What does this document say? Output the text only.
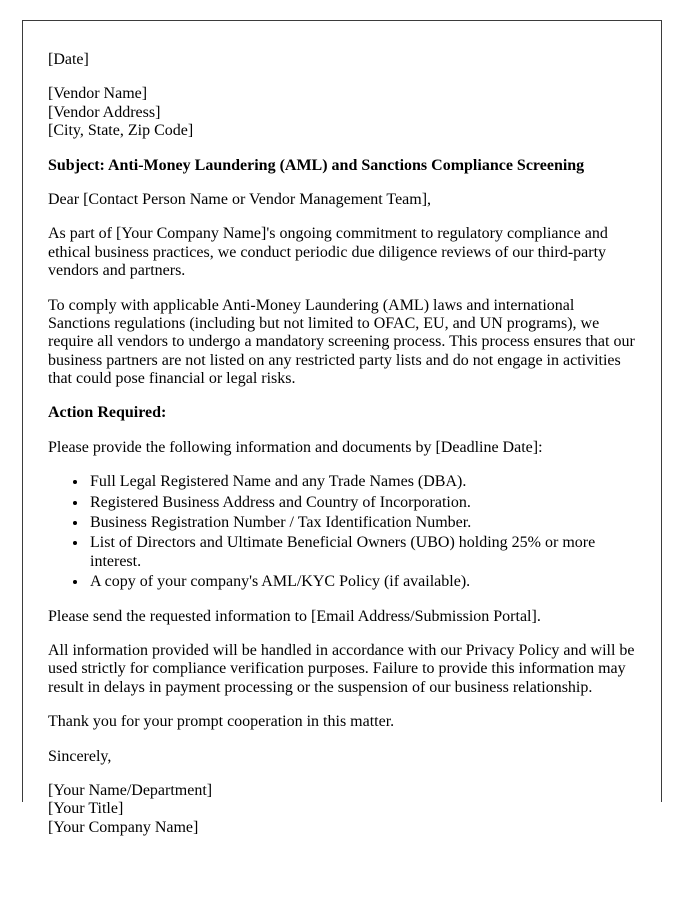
[Date]

[Vendor Name]
[Vendor Address]
[City, State, Zip Code]

Subject: Anti-Money Laundering (AML) and Sanctions Compliance Screening

Dear [Contact Person Name or Vendor Management Team],

As part of [Your Company Name]'s ongoing commitment to regulatory compliance and ethical business practices, we conduct periodic due diligence reviews of our third-party vendors and partners.

To comply with applicable Anti-Money Laundering (AML) laws and international Sanctions regulations (including but not limited to OFAC, EU, and UN programs), we require all vendors to undergo a mandatory screening process. This process ensures that our business partners are not listed on any restricted party lists and do not engage in activities that could pose financial or legal risks.

Action Required:

Please provide the following information and documents by [Deadline Date]:

• Full Legal Registered Name and any Trade Names (DBA).
• Registered Business Address and Country of Incorporation.
• Business Registration Number / Tax Identification Number.
• List of Directors and Ultimate Beneficial Owners (UBO) holding 25% or more interest.
• A copy of your company's AML/KYC Policy (if available).

Please send the requested information to [Email Address/Submission Portal].

All information provided will be handled in accordance with our Privacy Policy and will be used strictly for compliance verification purposes. Failure to provide this information may result in delays in payment processing or the suspension of our business relationship.

Thank you for your prompt cooperation in this matter.

Sincerely,

[Your Name/Department]
[Your Title]
[Your Company Name]
